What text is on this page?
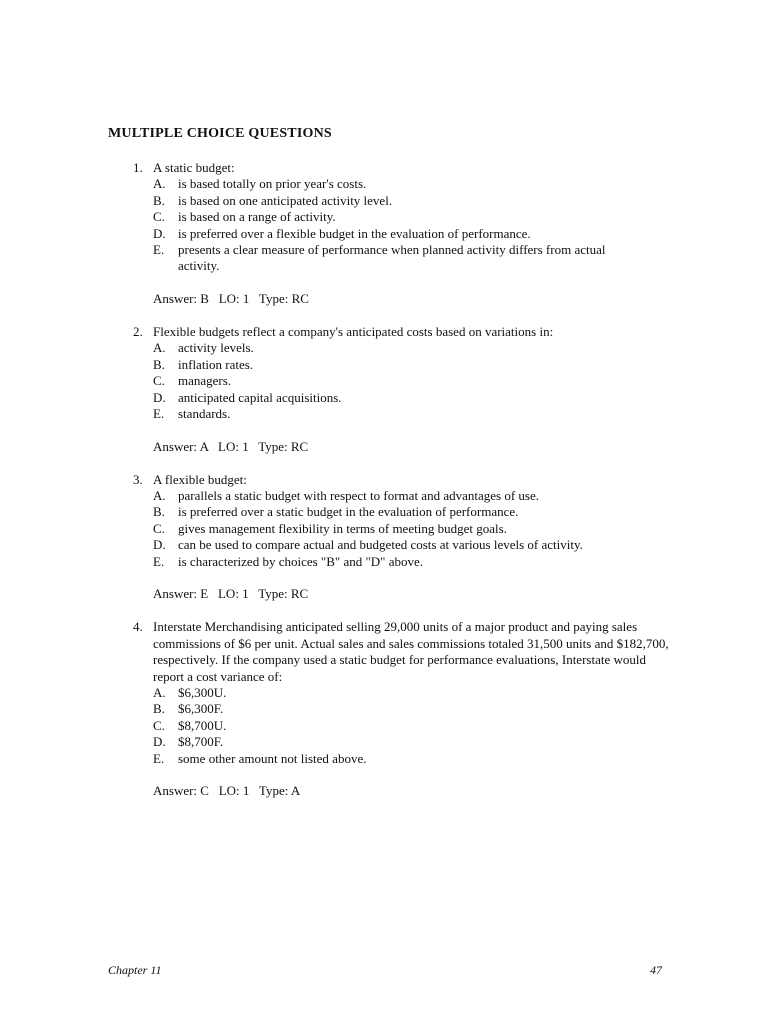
MULTIPLE CHOICE QUESTIONS
1. A static budget:
A. is based totally on prior year's costs.
B. is based on one anticipated activity level.
C. is based on a range of activity.
D. is preferred over a flexible budget in the evaluation of performance.
E. presents a clear measure of performance when planned activity differs from actual activity.
Answer: B   LO: 1   Type: RC
2. Flexible budgets reflect a company's anticipated costs based on variations in:
A. activity levels.
B. inflation rates.
C. managers.
D. anticipated capital acquisitions.
E. standards.
Answer: A   LO: 1   Type: RC
3. A flexible budget:
A. parallels a static budget with respect to format and advantages of use.
B. is preferred over a static budget in the evaluation of performance.
C. gives management flexibility in terms of meeting budget goals.
D. can be used to compare actual and budgeted costs at various levels of activity.
E. is characterized by choices "B" and "D" above.
Answer: E   LO: 1   Type: RC
4. Interstate Merchandising anticipated selling 29,000 units of a major product and paying sales commissions of $6 per unit. Actual sales and sales commissions totaled 31,500 units and $182,700, respectively. If the company used a static budget for performance evaluations, Interstate would report a cost variance of:
A. $6,300U.
B. $6,300F.
C. $8,700U.
D. $8,700F.
E. some other amount not listed above.
Answer: C   LO: 1   Type: A
Chapter 11	47
